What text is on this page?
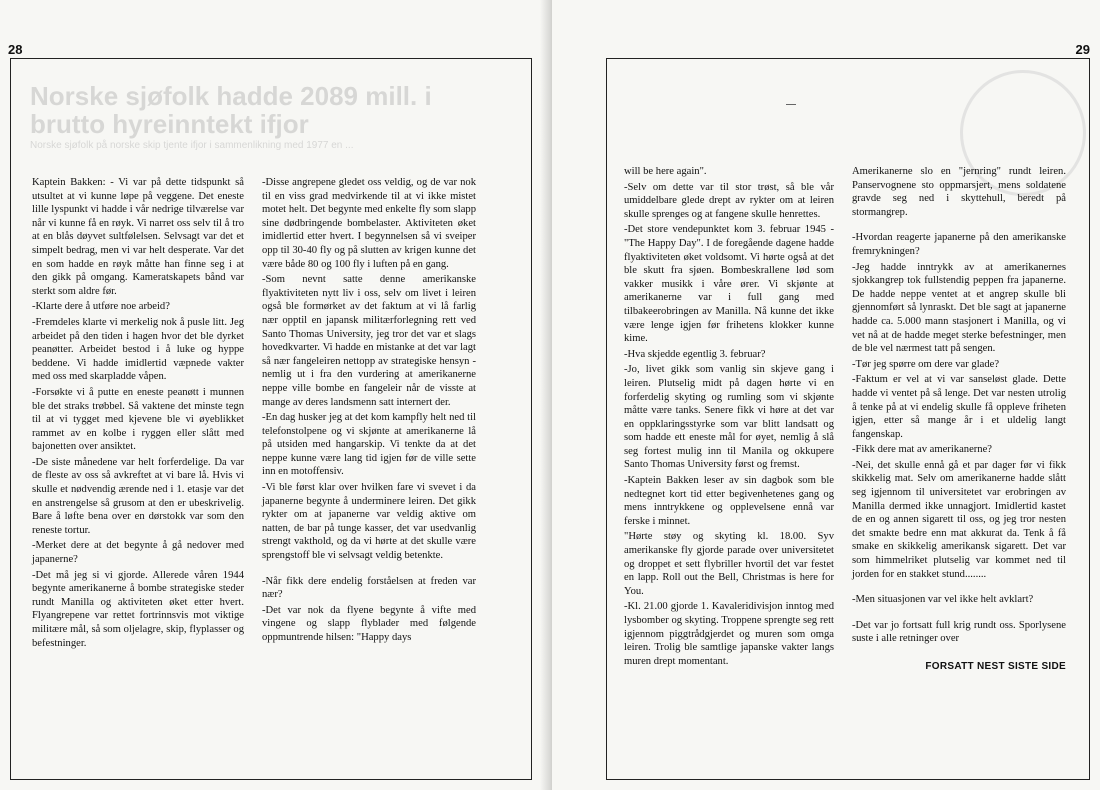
28
Norske sjøfolk hadde 2089 mill. i brutto hyreinntekt ifjor
Norske sjøfolk på norske skip tjente ifjor i sammenlikning med 1977 en ...
29

Kaptein Bakken: - Vi var på dette tidspunkt så utsultet at vi kunne løpe på veggene. Det eneste lille lyspunkt vi hadde i vår nedrige tilværelse var når vi kunne få en røyk. Vi narret oss selv til å tro at en blås døyvet sultfølelsen. Selvsagt var det et simpelt bedrag, men vi var helt desperate. Var det en som hadde en røyk måtte han finne seg i at den gikk på omgang. Kameratskapets bånd var sterkt som aldre før.

-Klarte dere å utføre noe arbeid?

-Fremdeles klarte vi merkelig nok å pusle litt. Jeg arbeidet på den tiden i hagen hvor det ble dyrket peanøtter. Arbeidet bestod i å luke og hyppe beddene. Vi hadde imidlertid væpnede vakter med oss med skarpladde våpen.

-Forsøkte vi å putte en eneste peanøtt i munnen ble det straks trøbbel. Så vaktene det minste tegn til at vi tygget med kjevene ble vi øyeblikket rammet av en kolbe i ryggen eller slått med bajonetten over ansiktet.

-De siste månedene var helt forferdelige. Da var de fleste av oss så avkreftet at vi bare lå. Hvis vi skulle et nødvendig ærende ned i 1. etasje var det en anstrengelse så grusom at den er ubeskrivelig. Bare å løfte bena over en dørstokk var som den reneste tortur.

-Merket dere at det begynte å gå nedover med japanerne?

-Det må jeg si vi gjorde. Allerede våren 1944 begynte amerikanerne å bombe strategiske steder rundt Manilla og aktiviteten øket etter hvert. Flyangrepene var rettet fortrinnsvis mot viktige militære mål, så som oljelagre, skip, flyplasser og befestninger.

-Disse angrepene gledet oss veldig, og de var nok til en viss grad medvirkende til at vi ikke mistet motet helt. Det begynte med enkelte fly som slapp sine dødbringende bombelaster. Aktiviteten øket imidlertid etter hvert. I begynnelsen så vi sveiper opp til 30-40 fly og på slutten av krigen kunne det være både 80 og 100 fly i luften på en gang.

-Som nevnt satte denne amerikanske flyaktiviteten nytt liv i oss, selv om livet i leiren også ble formørket av det faktum at vi lå farlig nær opptil en japansk militærforlegning rett ved Santo Thomas University, jeg tror det var et slags hovedkvarter. Vi hadde en mistanke at det var lagt så nær fangeleiren nettopp av strategiske hensyn - nemlig ut i fra den vurdering at amerikanerne neppe ville bombe en fangeleir når de visste at mange av deres landsmenn satt internert der.

-En dag husker jeg at det kom kampfly helt ned til telefonstolpene og vi skjønte at amerikanerne lå på utsiden med hangarskip. Vi tenkte da at det neppe kunne være lang tid igjen før de ville sette inn en motoffensiv.

-Vi ble først klar over hvilken fare vi svevet i da japanerne begynte å underminere leiren. Det gikk rykter om at japanerne var veldig aktive om natten, de bar på tunge kasser, det var usedvanlig strengt vakthold, og da vi hørte at det skulle være sprengstoff ble vi selvsagt veldig betenkte.

-Når fikk dere endelig forståelsen at freden var nær?

-Det var nok da flyene begynte å vifte med vingene og slapp flyblader med følgende oppmuntrende hilsen: "Happy days

will be here again".

-Selv om dette var til stor trøst, så ble vår umiddelbare glede drept av rykter om at leiren skulle sprenges og at fangene skulle henrettes.

-Det store vendepunktet kom 3. februar 1945 - "The Happy Day". I de foregående dagene hadde flyaktiviteten øket voldsomt. Vi hørte også at det ble skutt fra sjøen. Bombeskrallene lød som vakker musikk i våre ører. Vi skjønte at amerikanerne var i full gang med tilbakeerobringen av Manilla. Nå kunne det ikke være lenge igjen før frihetens klokker kunne kime.

-Hva skjedde egentlig 3. februar?

-Jo, livet gikk som vanlig sin skjeve gang i leiren. Plutselig midt på dagen hørte vi en forferdelig skyting og rumling som vi skjønte måtte være tanks. Senere fikk vi høre at det var en oppklaringsstyrke som var blitt landsatt og som hadde ett eneste mål for øyet, nemlig å slå seg fortest mulig inn til Manila og okkupere Santo Thomas University først og fremst.

-Kaptein Bakken leser av sin dagbok som ble nedtegnet kort tid etter begivenhetenes gang og mens inntrykkene og opplevelsene ennå var ferske i minnet.

"Hørte støy og skyting kl. 18.00. Syv amerikanske fly gjorde parade over universitetet og droppet et sett flybriller hvortil det var festet en lapp. Roll out the Bell, Christmas is here for You.

-Kl. 21.00 gjorde 1. Kavaleridivisjon inntog med lysbomber og skyting. Troppene sprengte seg rett igjennom piggtrådgjerdet og muren som omga leiren. Trolig ble samtlige japanske vakter langs muren drept momentant.

Amerikanerne slo en "jernring" rundt leiren. Panservognene sto oppmarsjert, mens soldatene gravde seg ned i skyttehull, beredt på stormangrep.

-Hvordan reagerte japanerne på den amerikanske fremrykningen?

-Jeg hadde inntrykk av at amerikanernes sjokkangrep tok fullstendig peppen fra japanerne. De hadde neppe ventet at et angrep skulle bli gjennomført så lynraskt. Det ble sagt at japanerne hadde ca. 5.000 mann stasjonert i Manilla, og vi vet nå at de hadde meget sterke befestninger, men de ble vel nærmest tatt på sengen.

-Tør jeg spørre om dere var glade?

-Faktum er vel at vi var sanseløst glade. Dette hadde vi ventet på så lenge. Det var nesten utrolig å tenke på at vi endelig skulle få oppleve friheten igjen, etter så mange år i et uldelig langt fangenskap.

-Fikk dere mat av amerikanerne?

-Nei, det skulle ennå gå et par dager før vi fikk skikkelig mat. Selv om amerikanerne hadde slått seg igjennom til universitetet var erobringen av Manilla dermed ikke unnagjort. Imidlertid kastet de en og annen sigarett til oss, og jeg tror nesten det smakte bedre enn mat akkurat da. Tenk å få smake en skikkelig amerikansk sigarett. Det var som himmelriket plutselig var kommet ned til jorden for en stakket stund........

-Men situasjonen var vel ikke helt avklart?

-Det var jo fortsatt full krig rundt oss. Sporlysene suste i alle retninger over

FORSATT NEST SISTE SIDE
